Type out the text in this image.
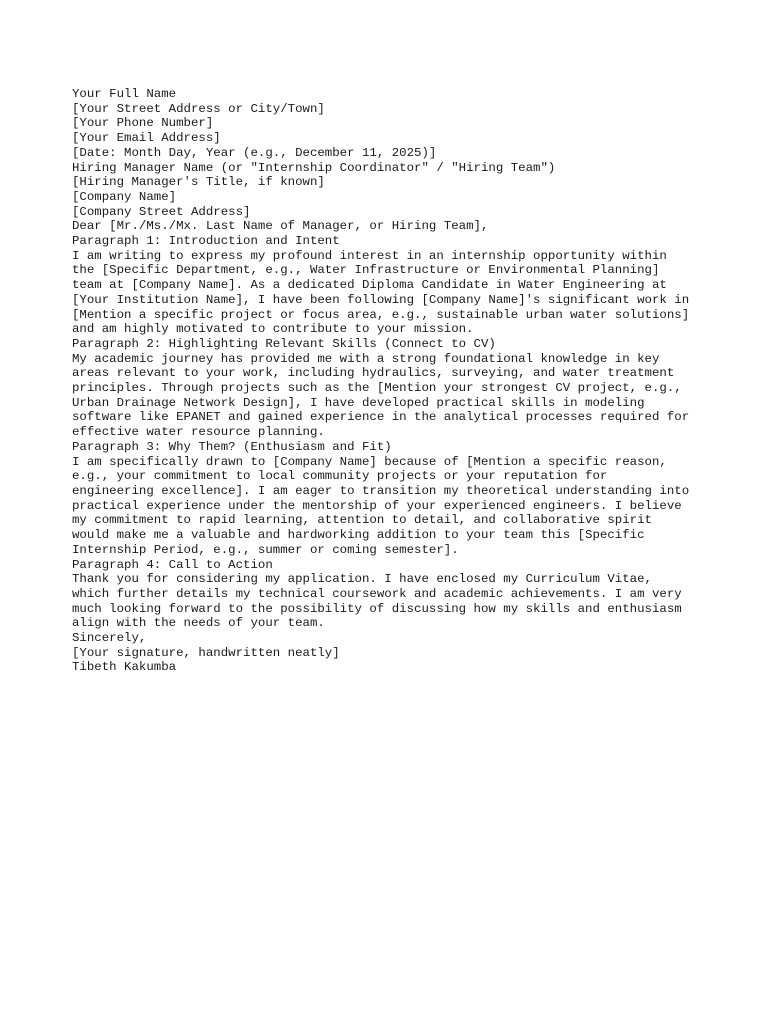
Your Full Name
[Your Street Address or City/Town]
[Your Phone Number]
[Your Email Address]
[Date: Month Day, Year (e.g., December 11, 2025)]
Hiring Manager Name (or "Internship Coordinator" / "Hiring Team")
[Hiring Manager's Title, if known]
[Company Name]
[Company Street Address]
Dear [Mr./Ms./Mx. Last Name of Manager, or Hiring Team],
Paragraph 1: Introduction and Intent
I am writing to express my profound interest in an internship opportunity within
the [Specific Department, e.g., Water Infrastructure or Environmental Planning]
team at [Company Name]. As a dedicated Diploma Candidate in Water Engineering at
[Your Institution Name], I have been following [Company Name]'s significant work in
[Mention a specific project or focus area, e.g., sustainable urban water solutions]
and am highly motivated to contribute to your mission.
Paragraph 2: Highlighting Relevant Skills (Connect to CV)
My academic journey has provided me with a strong foundational knowledge in key
areas relevant to your work, including hydraulics, surveying, and water treatment
principles. Through projects such as the [Mention your strongest CV project, e.g.,
Urban Drainage Network Design], I have developed practical skills in modeling
software like EPANET and gained experience in the analytical processes required for
effective water resource planning.
Paragraph 3: Why Them? (Enthusiasm and Fit)
I am specifically drawn to [Company Name] because of [Mention a specific reason,
e.g., your commitment to local community projects or your reputation for
engineering excellence]. I am eager to transition my theoretical understanding into
practical experience under the mentorship of your experienced engineers. I believe
my commitment to rapid learning, attention to detail, and collaborative spirit
would make me a valuable and hardworking addition to your team this [Specific
Internship Period, e.g., summer or coming semester].
Paragraph 4: Call to Action
Thank you for considering my application. I have enclosed my Curriculum Vitae,
which further details my technical coursework and academic achievements. I am very
much looking forward to the possibility of discussing how my skills and enthusiasm
align with the needs of your team.
Sincerely,
[Your signature, handwritten neatly]
Tibeth Kakumba
